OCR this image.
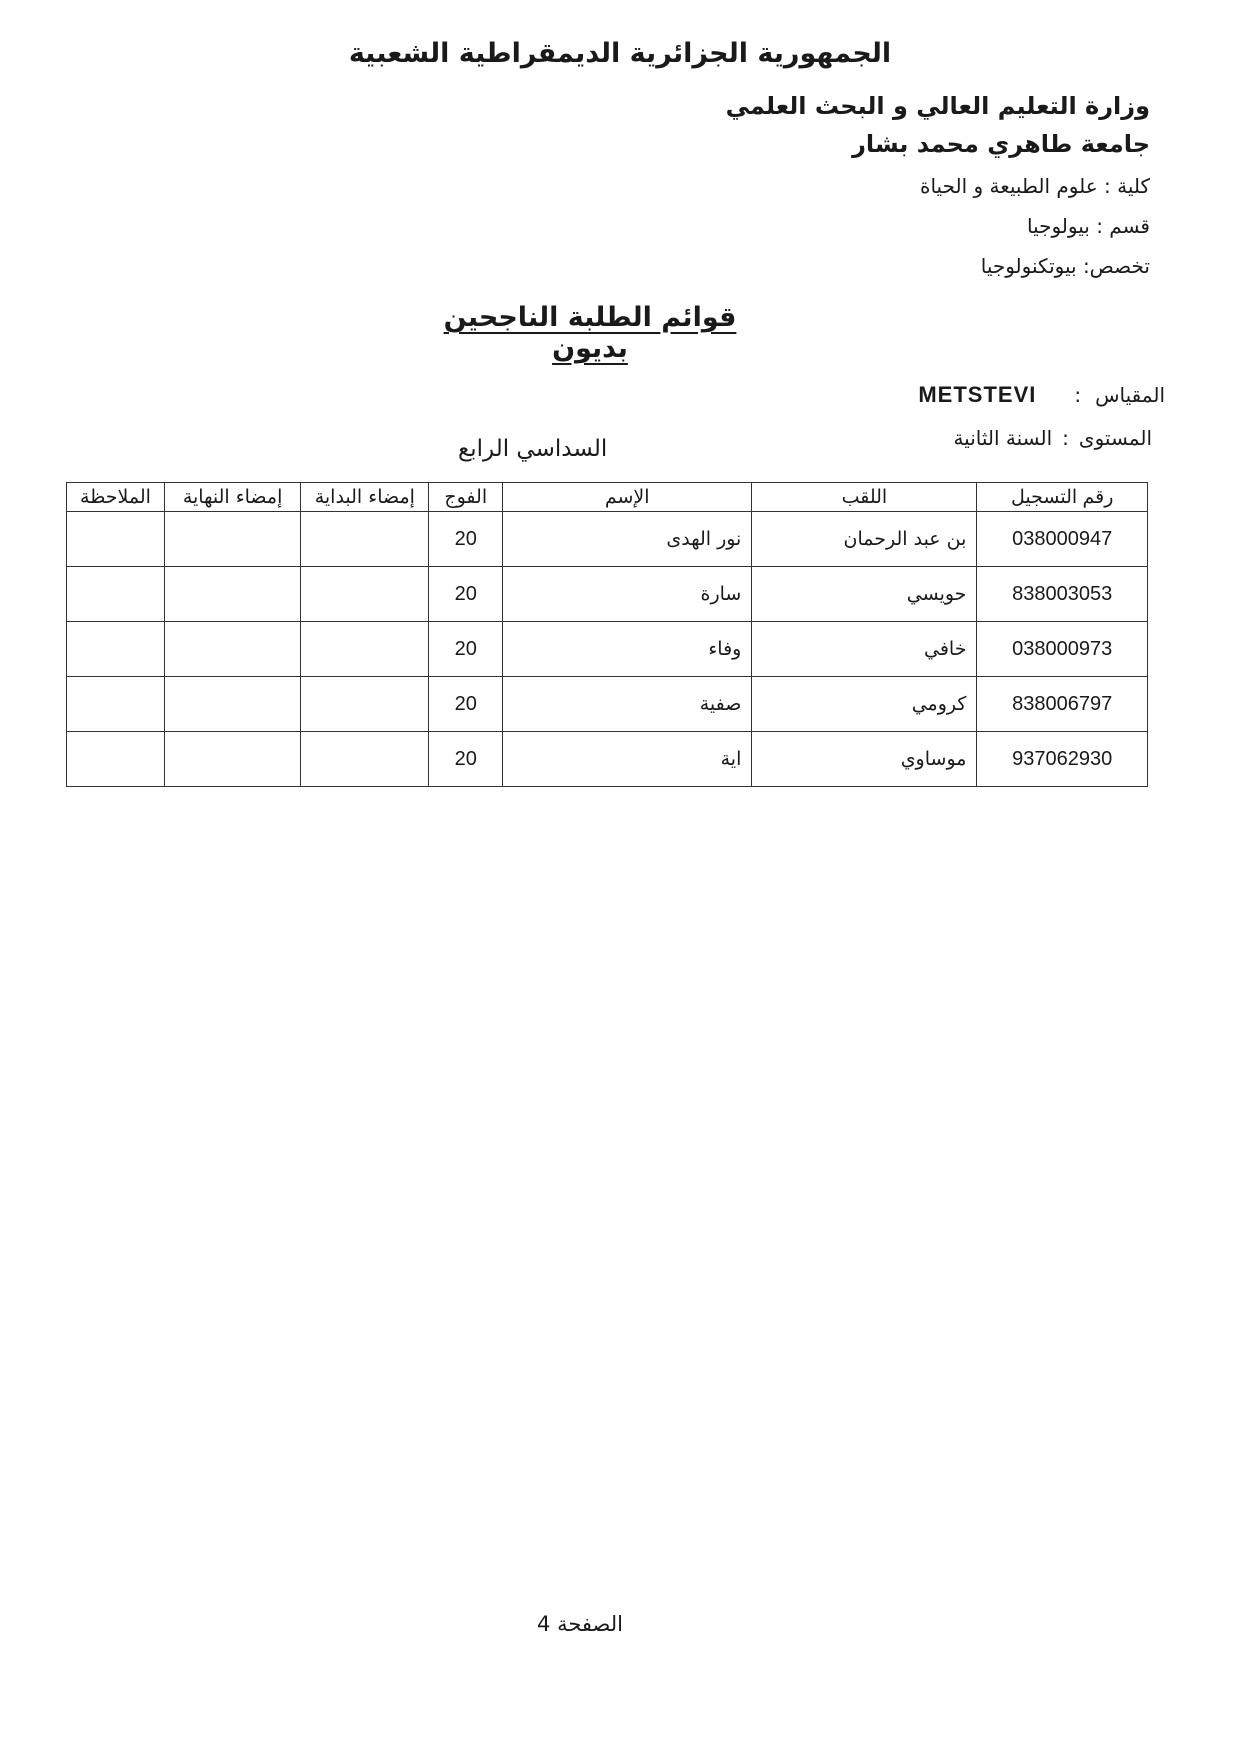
الجمهورية الجزائرية الديمقراطية الشعبية
وزارة التعليم العالي و البحث العلمي
جامعة طاهري محمد بشار
كلية : علوم الطبيعة و الحياة
قسم : بيولوجيا
تخصص: بيوتكنولوجيا
قوائم الطلبة الناجحين بديون
المقياس:METSTEVI
المستوى:السنة الثانية
السداسي الرابع
رقم التسجيل	اللقب	الإسم	الفوج	إمضاء البداية	إمضاء النهاية	الملاحظة
038000947	بن عبد الرحمان	نور الهدى	20			
838003053	حويسي	سارة	20			
038000973	خافي	وفاء	20			
838006797	كرومي	صفية	20			
937062930	موساوي	اية	20			
الصفحة 4
